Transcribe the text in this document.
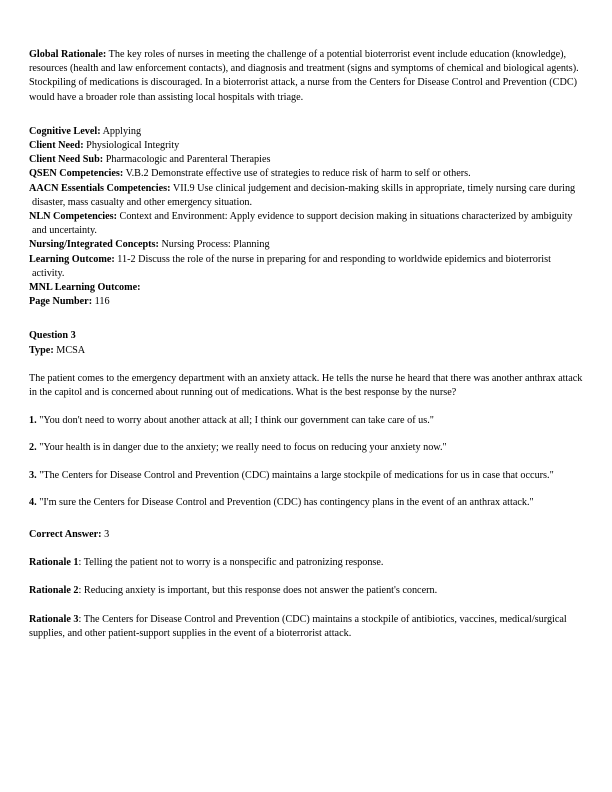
Global Rationale: The key roles of nurses in meeting the challenge of a potential bioterrorist event include education (knowledge), resources (health and law enforcement contacts), and diagnosis and treatment (signs and symptoms of chemical and biological agents). Stockpiling of medications is discouraged. In a bioterrorist attack, a nurse from the Centers for Disease Control and Prevention (CDC) would have a broader role than assisting local hospitals with triage.

Cognitive Level: Applying

Client Need: Physiological Integrity

Client Need Sub: Pharmacologic and Parenteral Therapies

QSEN Competencies: V.B.2 Demonstrate effective use of strategies to reduce risk of harm to self or others.

AACN Essentials Competencies: VII.9 Use clinical judgement and decision-making skills in appropriate, timely nursing care during disaster, mass casualty and other emergency situation.

NLN Competencies: Context and Environment: Apply evidence to support decision making in situations characterized by ambiguity and uncertainty.

Nursing/Integrated Concepts: Nursing Process: Planning

Learning Outcome: 11-2 Discuss the role of the nurse in preparing for and responding to worldwide epidemics and bioterrorist activity.

MNL Learning Outcome:

Page Number: 116

Question 3

Type: MCSA

The patient comes to the emergency department with an anxiety attack. He tells the nurse he heard that there was another anthrax attack in the capitol and is concerned about running out of medications. What is the best response by the nurse?

1. "You don't need to worry about another attack at all; I think our government can take care of us."

2. "Your health is in danger due to the anxiety; we really need to focus on reducing your anxiety now."

3. "The Centers for Disease Control and Prevention (CDC) maintains a large stockpile of medications for us in case that occurs."

4. "I'm sure the Centers for Disease Control and Prevention (CDC) has contingency plans in the event of an anthrax attack."

Correct Answer: 3

Rationale 1: Telling the patient not to worry is a nonspecific and patronizing response.

Rationale 2: Reducing anxiety is important, but this response does not answer the patient's concern.

Rationale 3: The Centers for Disease Control and Prevention (CDC) maintains a stockpile of antibiotics, vaccines, medical/surgical supplies, and other patient-support supplies in the event of a bioterrorist attack.
